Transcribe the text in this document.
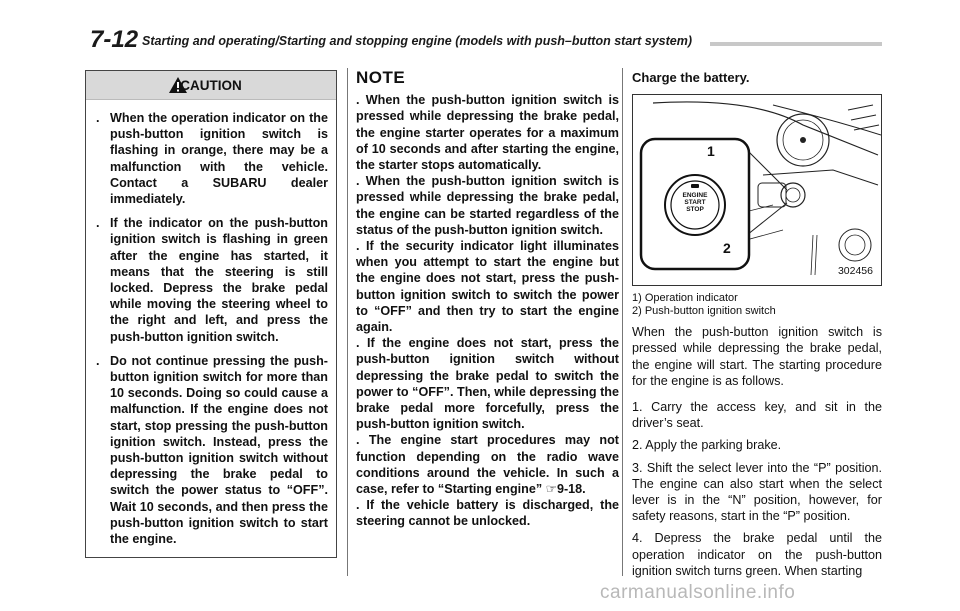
7-12 Starting and operating/Starting and stopping engine (models with push–button start system)
CAUTION
. When the operation indicator on the push-button ignition switch is flashing in orange, there may be a malfunction with the vehicle. Contact a SUBARU dealer immediately.
. If the indicator on the push-button ignition switch is flashing in green after the engine has started, it means that the steering is still locked. Depress the brake pedal while moving the steering wheel to the right and left, and press the push-button ignition switch.
. Do not continue pressing the push-button ignition switch for more than 10 seconds. Doing so could cause a malfunction. If the engine does not start, stop pressing the push-button ignition switch. Instead, press the push-button ignition switch without depressing the brake pedal to switch the power status to “OFF”. Wait 10 seconds, and then press the push-button ignition switch to start the engine.
NOTE

. When the push-button ignition switch is pressed while depressing the brake pedal, the engine starter operates for a maximum of 10 seconds and after starting the engine, the starter stops automatically.

. When the push-button ignition switch is pressed while depressing the brake pedal, the engine can be started regardless of the status of the push-button ignition switch.

. If the security indicator light illuminates when you attempt to start the engine but the engine does not start, press the push-button ignition switch to switch the power to “OFF” and then try to start the engine again.

. If the engine does not start, press the push-button ignition switch without depressing the brake pedal to switch the power to “OFF”. Then, while depressing the brake pedal more forcefully, press the push-button ignition switch.

. The engine start procedures may not function depending on the radio wave conditions around the vehicle. In such a case, refer to “Starting engine” ☞9-18.

. If the vehicle battery is discharged, the steering cannot be unlocked.

Charge the battery.
ENGINE
START
STOP
1
2
302456
1) Operation indicator
2) Push-button ignition switch

When the push-button ignition switch is pressed while depressing the brake pedal, the engine will start. The starting procedure for the engine is as follows.

1. Carry the access key, and sit in the driver’s seat.

2. Apply the parking brake.

3. Shift the select lever into the “P” position. The engine can also start when the select lever is in the “N” position, however, for safety reasons, start in the “P” position.

4. Depress the brake pedal until the operation indicator on the push-button ignition switch turns green. When starting

carmanualsonline.info
